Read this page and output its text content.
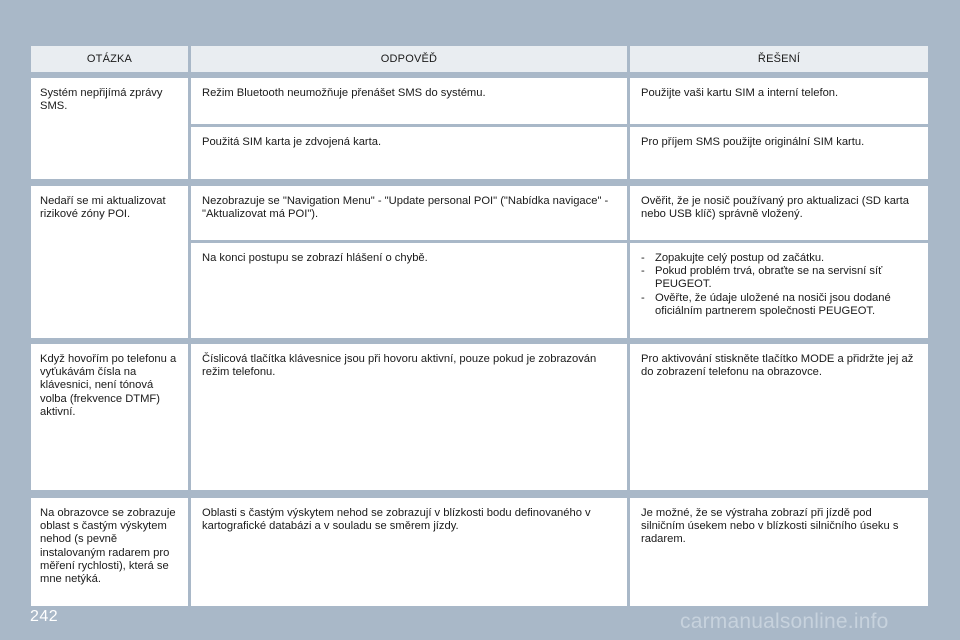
OTÁZKA	ODPOVĚĎ	ŘEŠENÍ
Systém nepřijímá zprávy SMS.
Režim Bluetooth neumožňuje přenášet SMS do systému.	Použijte vaši kartu SIM a interní telefon.
Použitá SIM karta je zdvojená karta.	Pro příjem SMS použijte originální SIM kartu.
Nedaří se mi aktualizovat rizikové zóny POI.
Nezobrazuje se "Navigation Menu" - "Update personal POI" ("Nabídka navigace" - "Aktualizovat má POI").
Ověřit, že je nosič používaný pro aktualizaci (SD karta nebo USB klíč) správně vložený.
Na konci postupu se zobrazí hlášení o chybě.
-	Zopakujte celý postup od začátku.
- Pokud problém trvá, obraťte se na servisní síť PEUGEOT.
- Ověřte, že údaje uložené na nosiči jsou dodané oficiálním partnerem společnosti PEUGEOT.
Když hovořím po telefonu a vyťukávám čísla na klávesnici, není tónová volba (frekvence DTMF) aktivní.
Číslicová tlačítka klávesnice jsou při hovoru aktivní, pouze pokud je zobrazován režim telefonu.
Pro aktivování stiskněte tlačítko MODE a přidržte jej až do zobrazení telefonu na obrazovce.
Na obrazovce se zobrazuje oblast s častým výskytem nehod (s pevně instalovaným radarem pro měření rychlosti), která se mne netýká.
Oblasti s častým výskytem nehod se zobrazují v blízkosti bodu definovaného v kartografické databázi a v souladu se směrem jízdy.
Je možné, že se výstraha zobrazí při jízdě pod silničním úsekem nebo v blízkosti silničního úseku s radarem.
242	carmanualsonline.info
